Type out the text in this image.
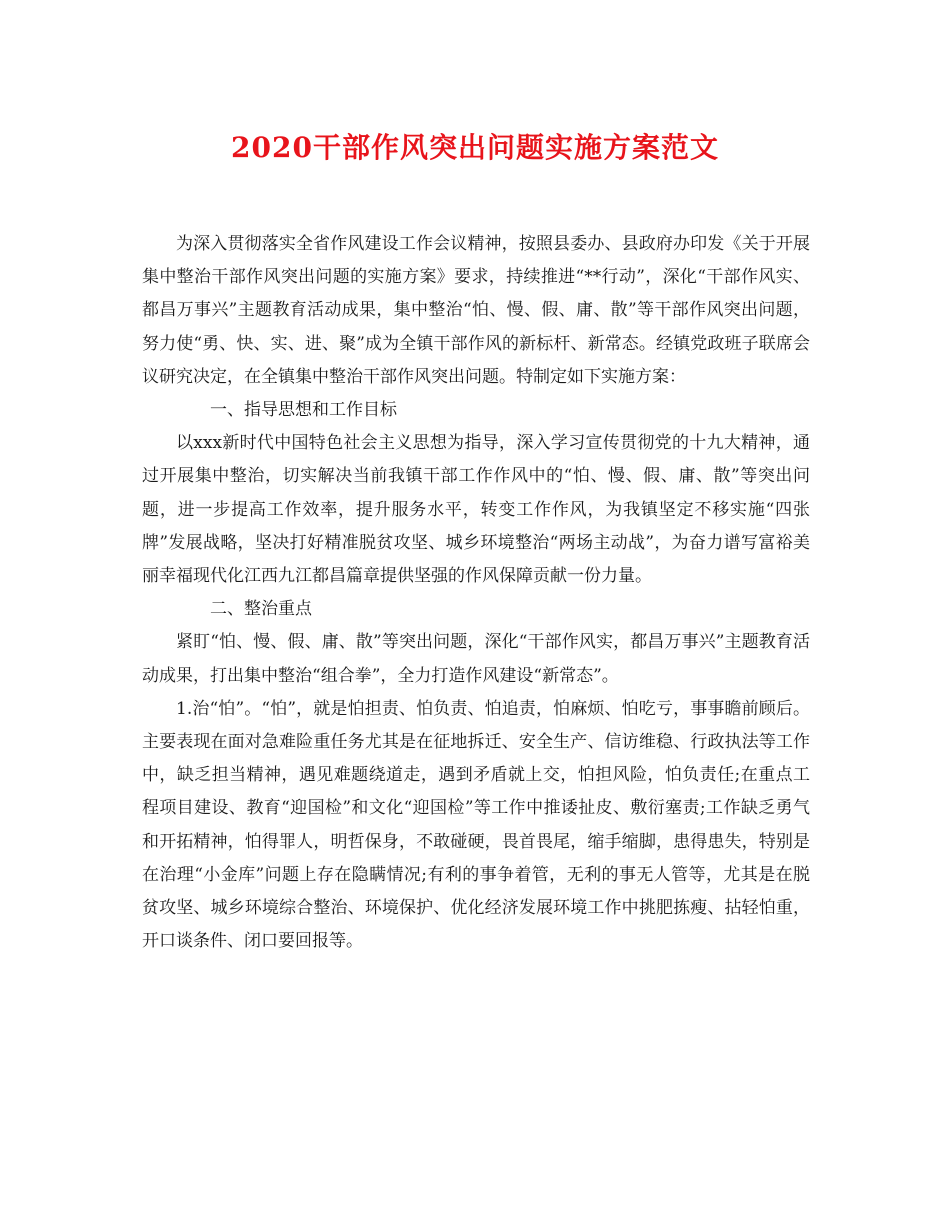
2020干部作风突出问题实施方案范文

为深入贯彻落实全省作风建设工作会议精神，按照县委办、县政府办印发《关于开展集中整治干部作风突出问题的实施方案》要求，持续推进“**行动”，深化“干部作风实、都昌万事兴”主题教育活动成果，集中整治“怕、慢、假、庸、散”等干部作风突出问题，努力使“勇、快、实、进、聚”成为全镇干部作风的新标杆、新常态。经镇党政班子联席会议研究决定，在全镇集中整治干部作风突出问题。特制定如下实施方案：

一、指导思想和工作目标

以xxx新时代中国特色社会主义思想为指导，深入学习宣传贯彻党的十九大精神，通过开展集中整治，切实解决当前我镇干部工作作风中的“怕、慢、假、庸、散”等突出问题，进一步提高工作效率，提升服务水平，转变工作作风，为我镇坚定不移实施“四张牌”发展战略，坚决打好精准脱贫攻坚、城乡环境整治“两场主动战”，为奋力谱写富裕美丽幸福现代化江西九江都昌篇章提供坚强的作风保障贡献一份力量。

二、整治重点

紧盯“怕、慢、假、庸、散”等突出问题，深化“干部作风实，都昌万事兴”主题教育活动成果，打出集中整治“组合拳”，全力打造作风建设“新常态”。

1.治“怕”。“怕”，就是怕担责、怕负责、怕追责，怕麻烦、怕吃亏，事事瞻前顾后。主要表现在面对急难险重任务尤其是在征地拆迁、安全生产、信访维稳、行政执法等工作中，缺乏担当精神，遇见难题绕道走，遇到矛盾就上交，怕担风险，怕负责任;在重点工程项目建设、教育“迎国检”和文化“迎国检”等工作中推诿扯皮、敷衍塞责;工作缺乏勇气和开拓精神，怕得罪人，明哲保身，不敢碰硬，畏首畏尾，缩手缩脚，患得患失，特别是在治理“小金库”问题上存在隐瞒情况;有利的事争着管，无利的事无人管等，尤其是在脱贫攻坚、城乡环境综合整治、环境保护、优化经济发展环境工作中挑肥拣瘦、拈轻怕重，开口谈条件、闭口要回报等。
